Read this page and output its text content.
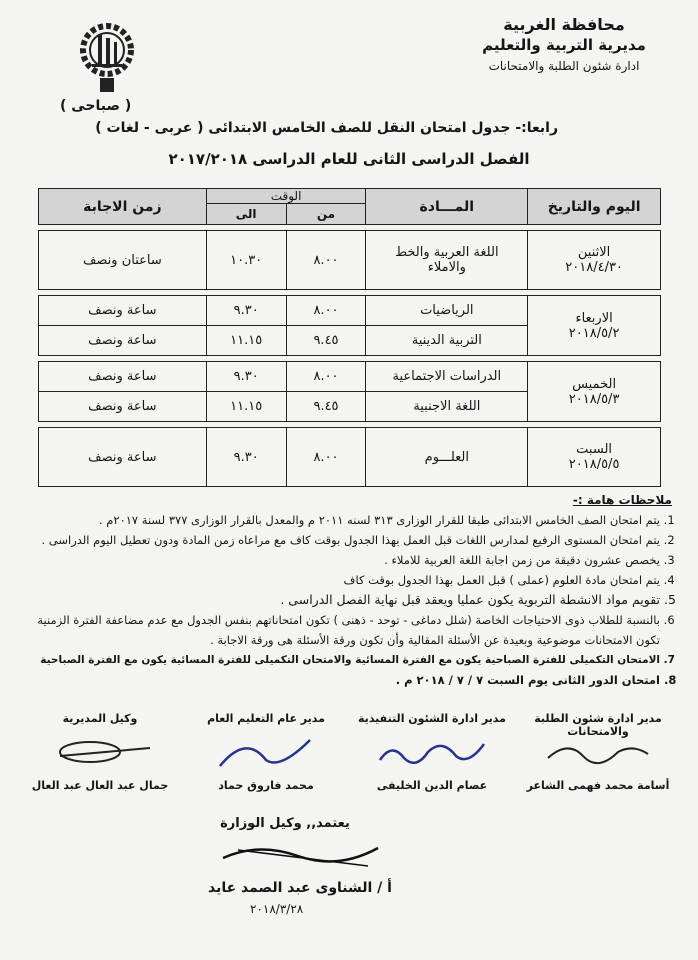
محافظة الغربية
مديرية التربية والتعليم
ادارة شئون الطلبة والامتحانات
( صباحى )
رابعا:- جدول امتحان النقل للصف الخامس الابتدائى ( عربى - لغات )
الفصل الدراسى الثانى للعام الدراسى ٢٠١٧/٢٠١٨
اليوم والتاريخ	المـــادة	الوقت		زمن الاجابة
		من	الى	

الاثنين
٢٠١٨/٤/٣٠	اللغة العربية والخط والاملاء	٨.٠٠	١٠.٣٠	ساعتان ونصف

الاربعاء
٢٠١٨/٥/٢	الرياضيات	٨.٠٠	٩.٣٠	ساعة ونصف
	التربية الدينية	٩.٤٥	١١.١٥	ساعة ونصف

الخميس
٢٠١٨/٥/٣	الدراسات الاجتماعية	٨.٠٠	٩.٣٠	ساعة ونصف
	اللغة الاجنبية	٩.٤٥	١١.١٥	ساعة ونصف

السبت
٢٠١٨/٥/٥	العلـــوم	٨.٠٠	٩.٣٠	ساعة ونصف
ملاحظات هامة :-
1. يتم امتحان الصف الخامس الابتدائى طبقا للقرار الوزارى ٣١٣ لسنه ٢٠١١ م والمعدل بالقرار الوزارى ٣٧٧ لسنة ٢٠١٧م .
2. يتم امتحان المستوى الرفيع لمدارس اللغات قبل العمل بهذا الجدول بوقت كاف مع مراعاه زمن المادة ودون تعطيل اليوم الدراسى .
3. يخصص عشرون دقيقة من زمن اجابة اللغة العربية للاملاء .
4. يتم امتحان مادة العلوم (عملى ) قبل العمل بهذا الجدول بوقت كاف
5. تقويم مواد الانشطة التربوية يكون عمليا ويعقد قبل نهاية الفصل الدراسى .
6. بالنسبة للطلاب ذوى الاحتياجات الخاصة (شلل دماغى - توحد - ذهنى ) تكون امتحاناتهم بنفس الجدول مع عدم مضاعفة الفترة الزمنية تكون الامتحانات موضوعية وبعيدة عن الأسئلة المقالية وأن تكون ورقة الأسئلة هى ورقة الاجابة .
7. الامتحان التكميلى للفترة الصباحية يكون مع الفترة المسائية والامتحان التكميلى للفترة المسائية يكون مع الفترة الصباحية
8. امتحان الدور الثانى يوم السبت ٧ / ٧ / ٢٠١٨ م .
مدير ادارة شئون الطلبة والامتحانات
أسامة محمد فهمى الشاعر
مدير ادارة الشئون التنفيذية
عصام الدين الخليفى
مدير عام التعليم العام
محمد فاروق حماد
وكيل المديرية
جمال عبد العال عبد العال
يعتمد,, وكيل الوزارة
أ / الشناوى عبد الصمد عايد
٢٠١٨/٣/٢٨
